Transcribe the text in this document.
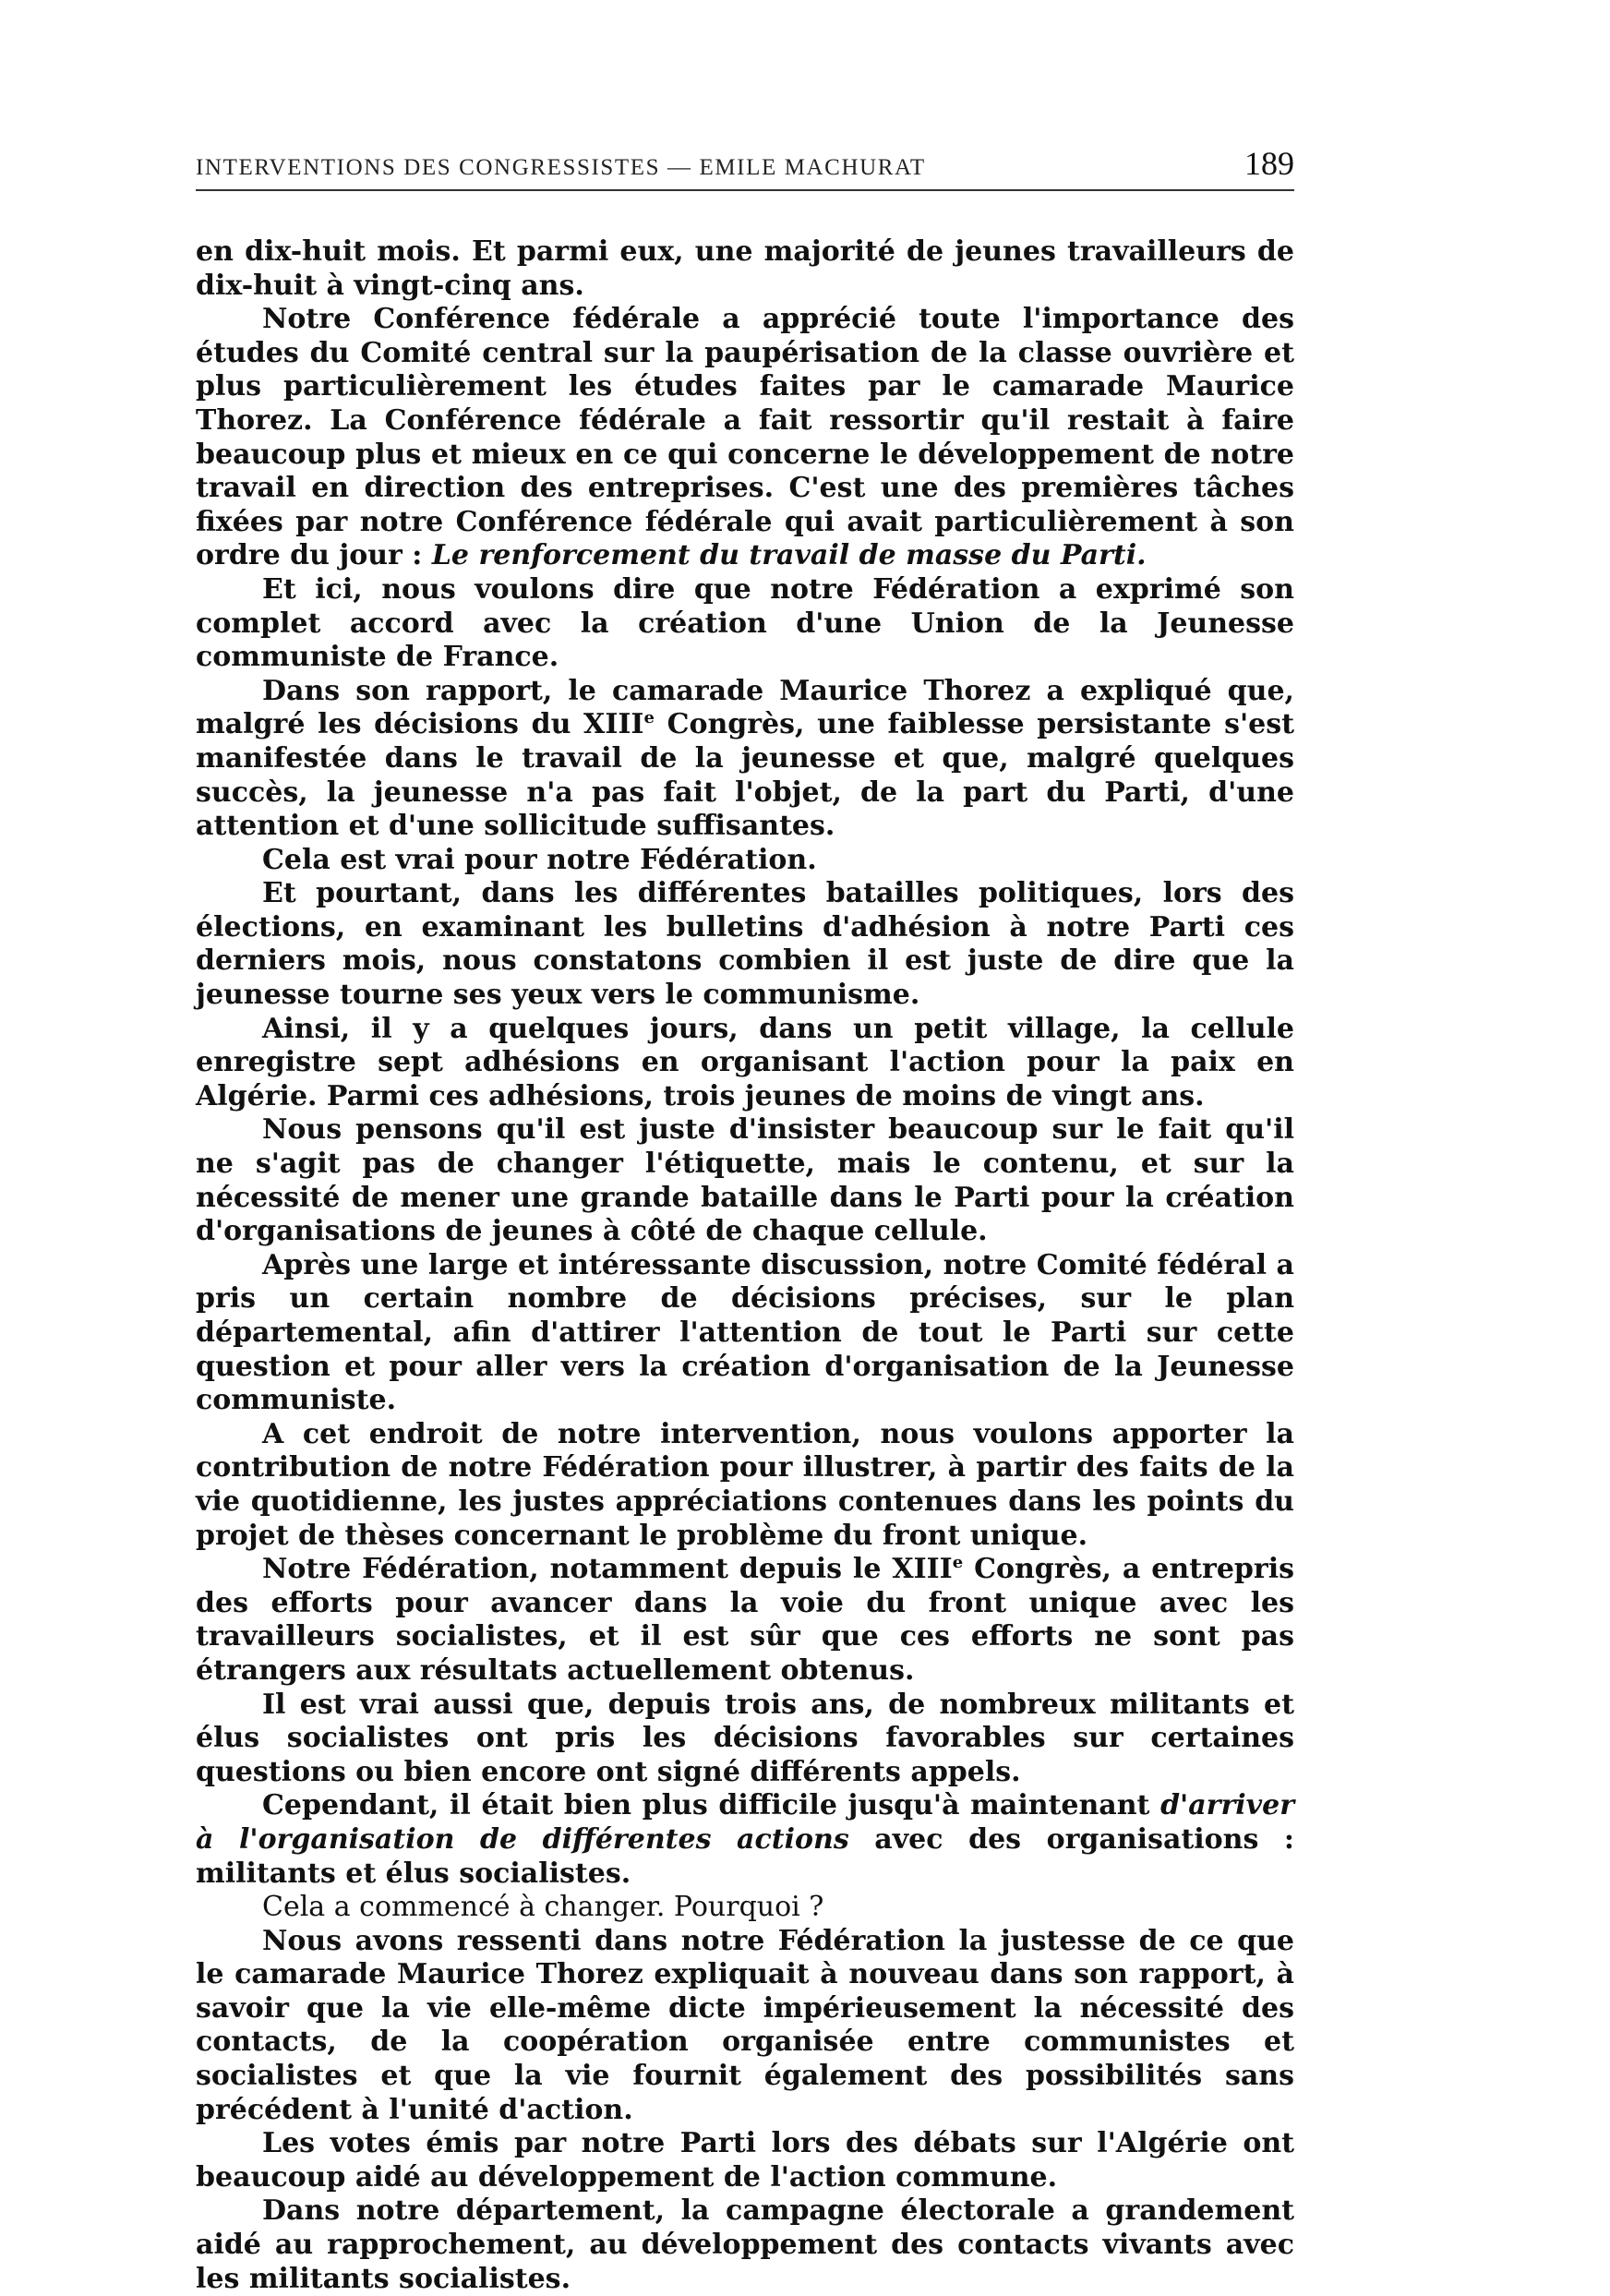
INTERVENTIONS DES CONGRESSISTES — EMILE MACHURAT	189

en dix-huit mois. Et parmi eux, une majorité de jeunes travailleurs de dix-huit à vingt-cinq ans.

Notre Conférence fédérale a apprécié toute l'importance des études du Comité central sur la paupérisation de la classe ouvrière et plus particulièrement les études faites par le camarade Maurice Thorez. La Conférence fédérale a fait ressortir qu'il restait à faire beaucoup plus et mieux en ce qui concerne le développement de notre travail en direction des entreprises. C'est une des premières tâches fixées par notre Conférence fédérale qui avait particulièrement à son ordre du jour : Le renforcement du travail de masse du Parti.

Et ici, nous voulons dire que notre Fédération a exprimé son complet accord avec la création d'une Union de la Jeunesse communiste de France.

Dans son rapport, le camarade Maurice Thorez a expliqué que, malgré les décisions du XIIIe Congrès, une faiblesse persistante s'est manifestée dans le travail de la jeunesse et que, malgré quelques succès, la jeunesse n'a pas fait l'objet, de la part du Parti, d'une attention et d'une sollicitude suffisantes.

Cela est vrai pour notre Fédération.

Et pourtant, dans les différentes batailles politiques, lors des élections, en examinant les bulletins d'adhésion à notre Parti ces derniers mois, nous constatons combien il est juste de dire que la jeunesse tourne ses yeux vers le communisme.

Ainsi, il y a quelques jours, dans un petit village, la cellule enregistre sept adhésions en organisant l'action pour la paix en Algérie. Parmi ces adhésions, trois jeunes de moins de vingt ans.

Nous pensons qu'il est juste d'insister beaucoup sur le fait qu'il ne s'agit pas de changer l'étiquette, mais le contenu, et sur la nécessité de mener une grande bataille dans le Parti pour la création d'organisations de jeunes à côté de chaque cellule.

Après une large et intéressante discussion, notre Comité fédéral a pris un certain nombre de décisions précises, sur le plan départemental, afin d'attirer l'attention de tout le Parti sur cette question et pour aller vers la création d'organisation de la Jeunesse communiste.

A cet endroit de notre intervention, nous voulons apporter la contribution de notre Fédération pour illustrer, à partir des faits de la vie quotidienne, les justes appréciations contenues dans les points du projet de thèses concernant le problème du front unique.

Notre Fédération, notamment depuis le XIIIe Congrès, a entrepris des efforts pour avancer dans la voie du front unique avec les travailleurs socialistes, et il est sûr que ces efforts ne sont pas étrangers aux résultats actuellement obtenus.

Il est vrai aussi que, depuis trois ans, de nombreux militants et élus socialistes ont pris les décisions favorables sur certaines questions ou bien encore ont signé différents appels.

Cependant, il était bien plus difficile jusqu'à maintenant d'arriver à l'organisation de différentes actions avec des organisations : militants et élus socialistes.

Cela a commencé à changer. Pourquoi ?

Nous avons ressenti dans notre Fédération la justesse de ce que le camarade Maurice Thorez expliquait à nouveau dans son rapport, à savoir que la vie elle-même dicte impérieusement la nécessité des contacts, de la coopération organisée entre communistes et socialistes et que la vie fournit également des possibilités sans précédent à l'unité d'action.

Les votes émis par notre Parti lors des débats sur l'Algérie ont beaucoup aidé au développement de l'action commune.

Dans notre département, la campagne électorale a grandement aidé au rapprochement, au développement des contacts vivants avec les militants socialistes.
